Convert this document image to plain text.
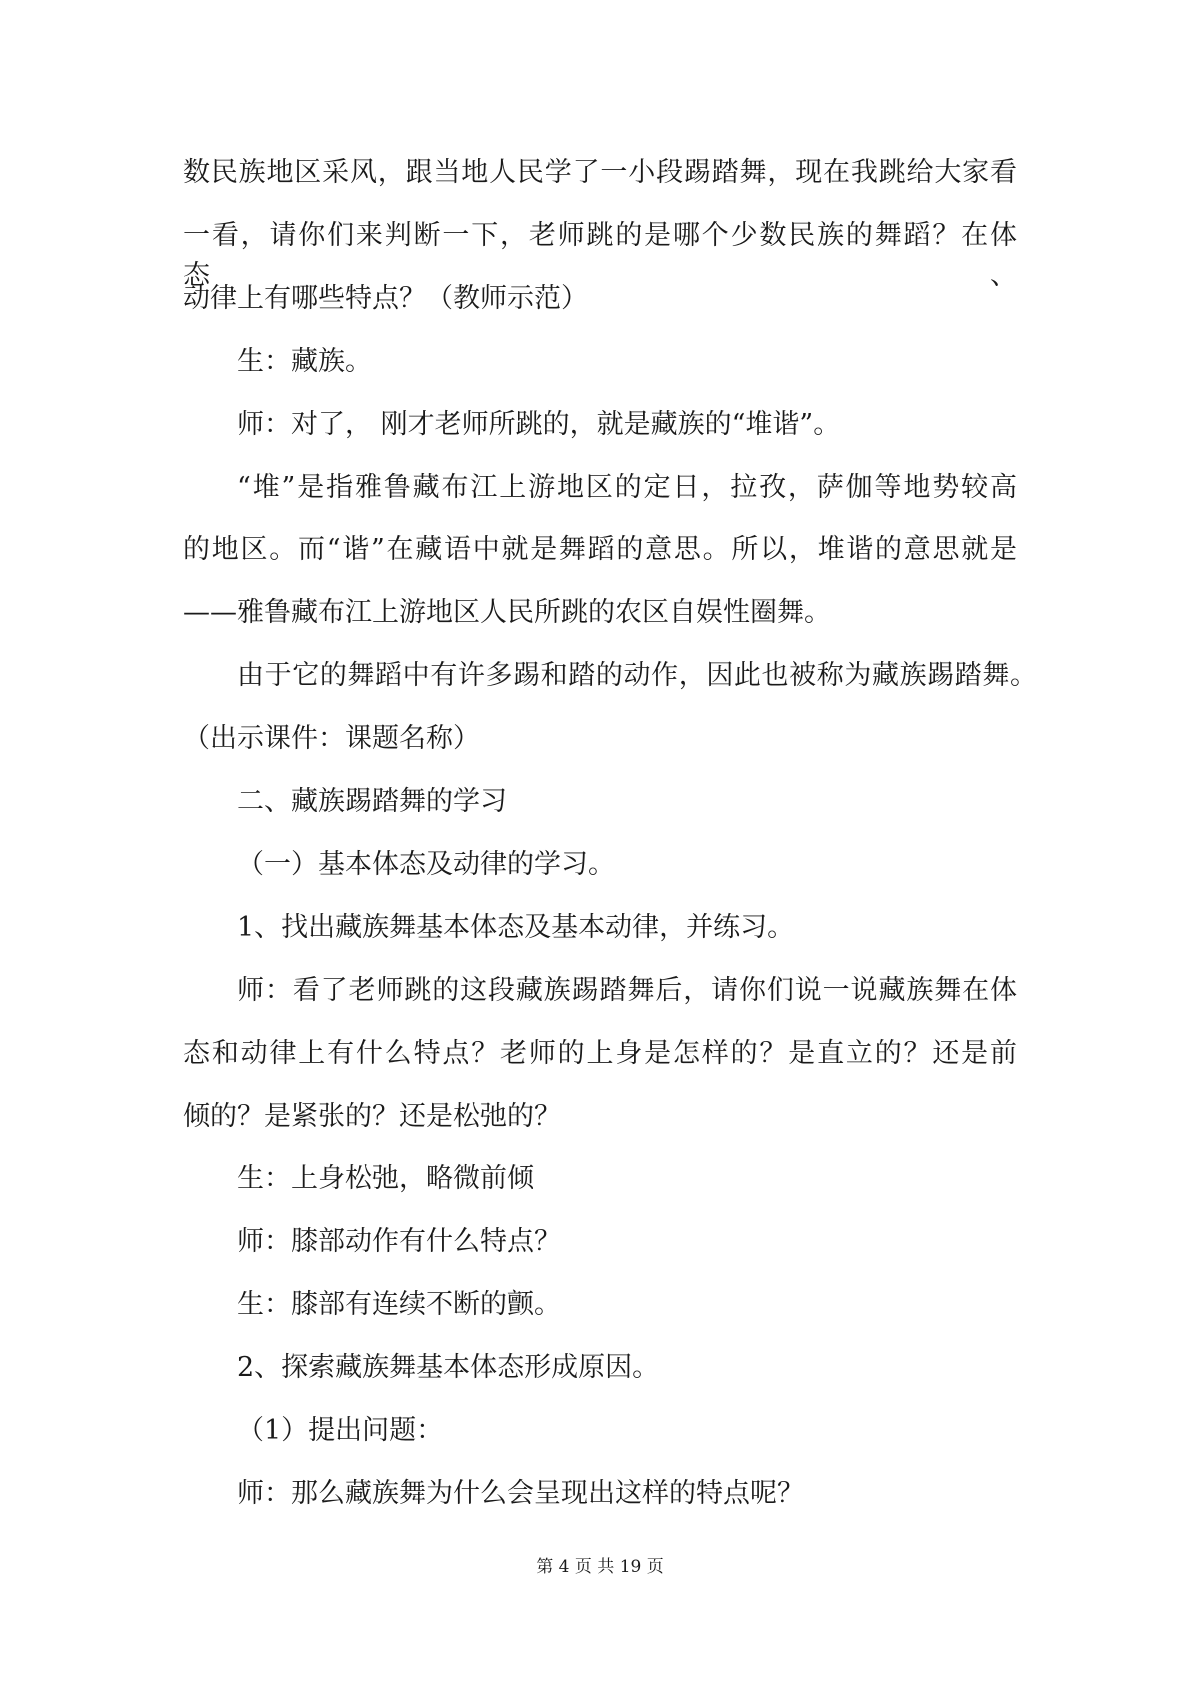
数民族地区采风，跟当地人民学了一小段踢踏舞，现在我跳给大家看
一看，请你们来判断一下，老师跳的是哪个少数民族的舞蹈？在体态、
动律上有哪些特点？（教师示范）
生：藏族。
师：对了， 刚才老师所跳的，就是藏族的“堆谐”。
“堆”是指雅鲁藏布江上游地区的定日，拉孜，萨伽等地势较高
的地区。而“谐”在藏语中就是舞蹈的意思。所以，堆谐的意思就是
——雅鲁藏布江上游地区人民所跳的农区自娱性圈舞。
由于它的舞蹈中有许多踢和踏的动作，因此也被称为藏族踢踏舞。
（出示课件：课题名称）
二、藏族踢踏舞的学习
（一）基本体态及动律的学习。
1、找出藏族舞基本体态及基本动律，并练习。
师：看了老师跳的这段藏族踢踏舞后，请你们说一说藏族舞在体
态和动律上有什么特点？老师的上身是怎样的？是直立的？还是前
倾的？是紧张的？还是松弛的？
生：上身松弛，略微前倾
师：膝部动作有什么特点？
生：膝部有连续不断的颤。
2、探索藏族舞基本体态形成原因。
（1）提出问题：
师：那么藏族舞为什么会呈现出这样的特点呢？
第 4 页 共 19 页
